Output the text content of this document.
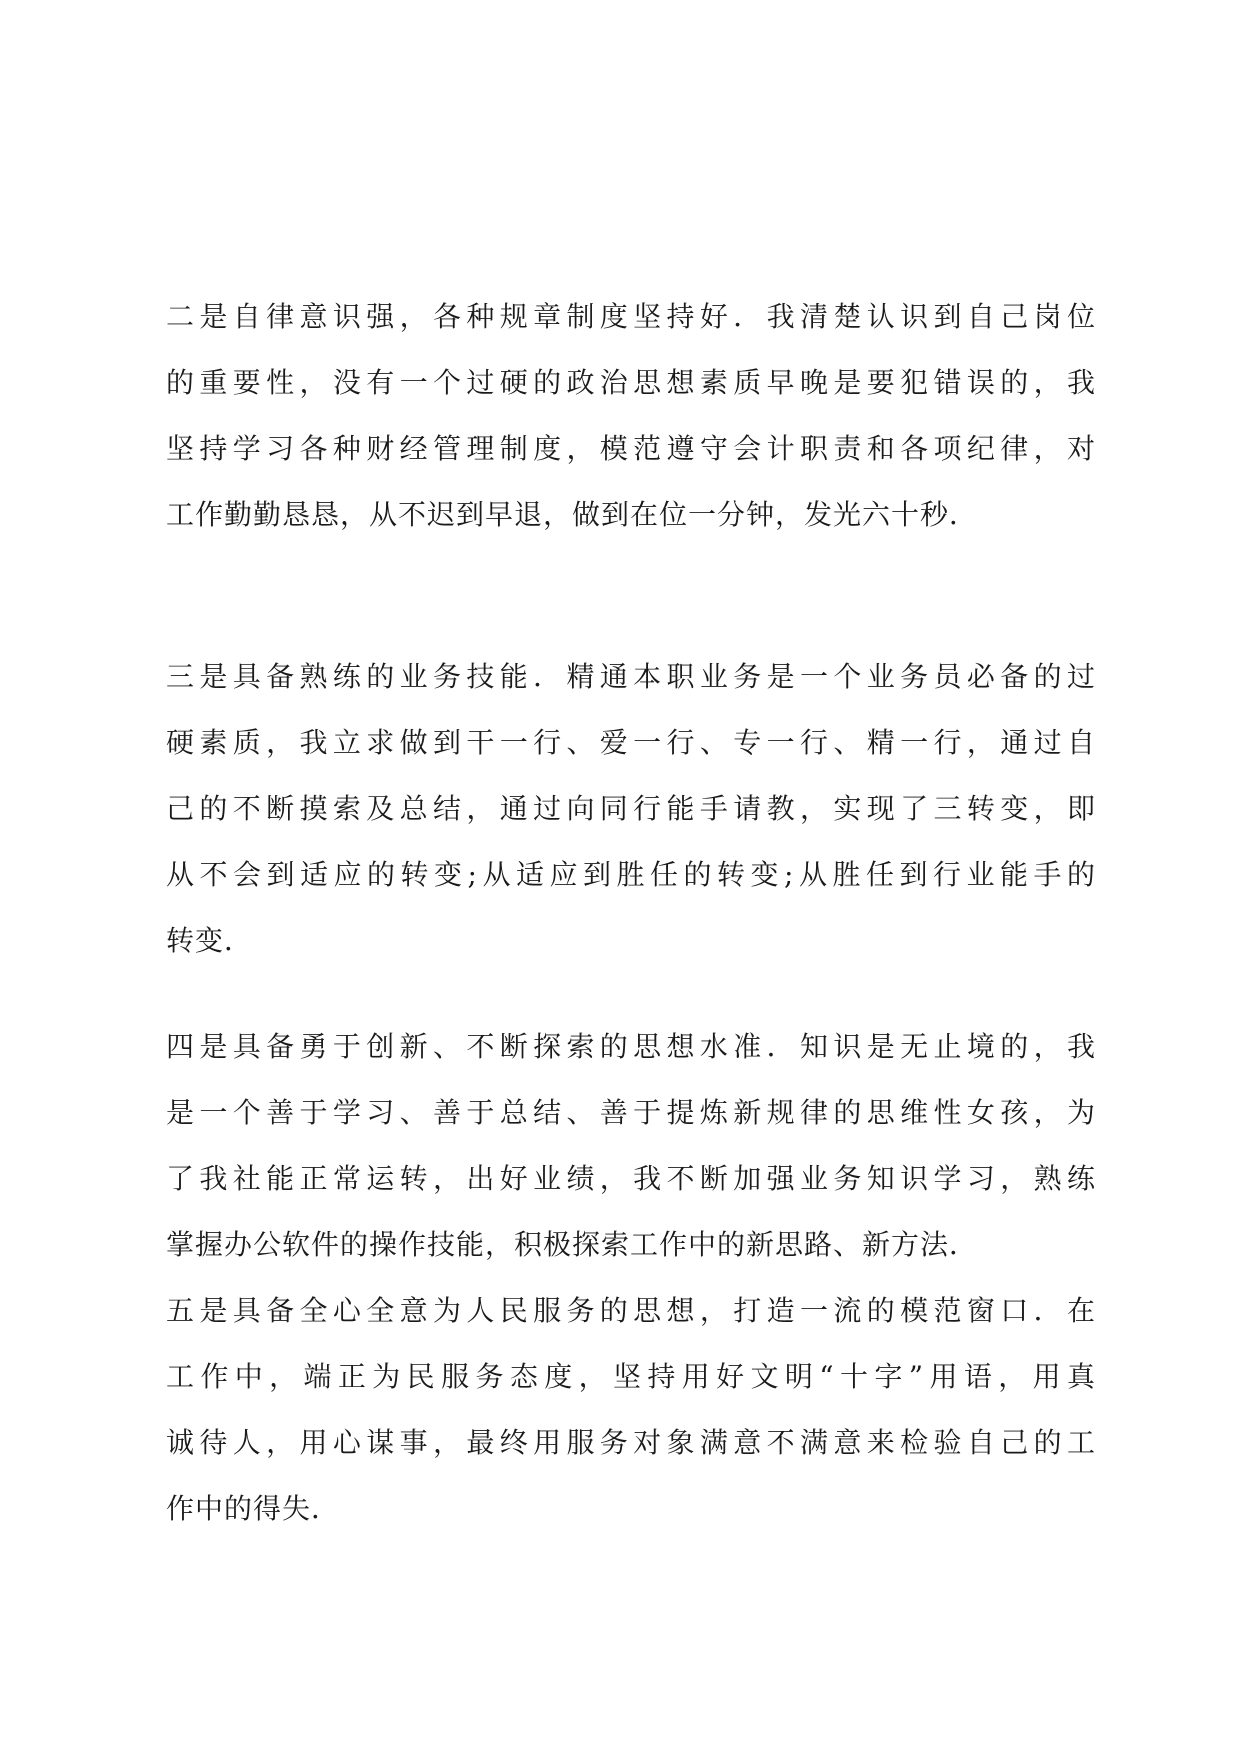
二是自律意识强，各种规章制度坚持好．我清楚认识到自己岗位
的重要性，没有一个过硬的政治思想素质早晚是要犯错误的，我
坚持学习各种财经管理制度，模范遵守会计职责和各项纪律，对
工作勤勤恳恳，从不迟到早退，做到在位一分钟，发光六十秒．

三是具备熟练的业务技能．精通本职业务是一个业务员必备的过
硬素质，我立求做到干一行、爱一行、专一行、精一行，通过自
己的不断摸索及总结，通过向同行能手请教，实现了三转变，即
从不会到适应的转变;从适应到胜任的转变;从胜任到行业能手的
转变．

四是具备勇于创新、不断探索的思想水准．知识是无止境的，我
是一个善于学习、善于总结、善于提炼新规律的思维性女孩，为
了我社能正常运转，出好业绩，我不断加强业务知识学习，熟练
掌握办公软件的操作技能，积极探索工作中的新思路、新方法．
五是具备全心全意为人民服务的思想，打造一流的模范窗口．在
工作中，端正为民服务态度，坚持用好文明“十字”用语，用真
诚待人，用心谋事，最终用服务对象满意不满意来检验自己的工
作中的得失．
